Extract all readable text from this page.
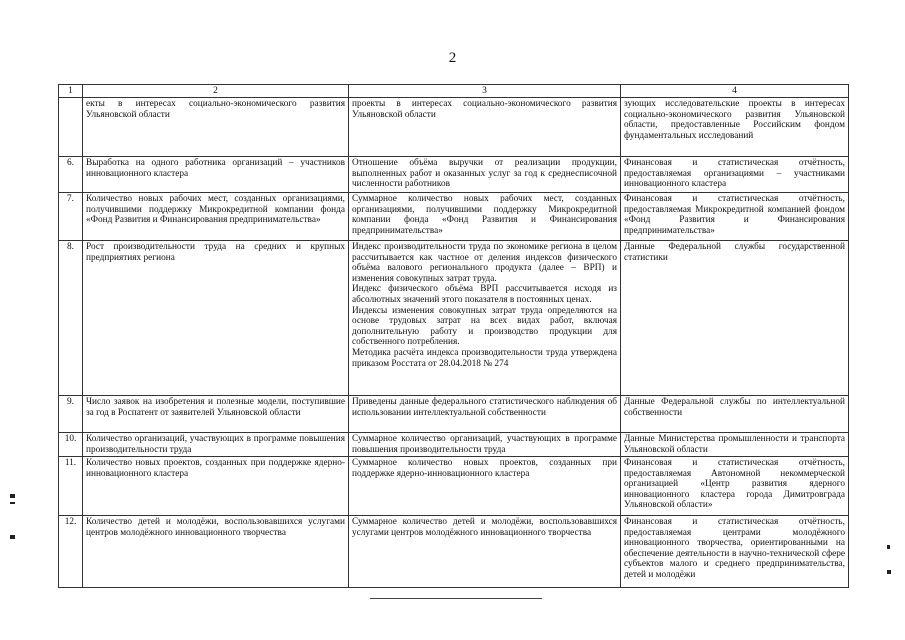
2
1	2	3	4
	екты в интересах социально-экономического развития Ульяновской области	проекты в интересах социально-экономического развития Ульяновской области	зующих исследовательские проекты в интересах социально-экономического развития Ульяновской области, предоставленные Российским фондом фундаментальных исследований
6.	Выработка на одного работника организаций – участников инновационного кластера	Отношение объёма выручки от реализации продукции, выполненных работ и оказанных услуг за год к среднесписочной численности работников	Финансовая и статистическая отчётность, предоставляемая организациями – участниками инновационного кластера
7.	Количество новых рабочих мест, созданных организациями, получившими поддержку Микрокредитной компании фонда «Фонд Развития и Финансирования предпринимательства»	Суммарное количество новых рабочих мест, созданных организациями, получившими поддержку Микрокредитной компании фонда «Фонд Развития и Финансирования предпринимательства»	Финансовая и статистическая отчётность, предоставляемая Микрокредитной компанией фондом «Фонд Развития и Финансирования предпринимательства»
8.	Рост производительности труда на средних и крупных предприятиях региона	Индекс производительности труда по экономике региона в целом рассчитывается как частное от деления индексов физического объёма валового регионального продукта (далее – ВРП) и изменения совокупных затрат труда.
Индекс физического объёма ВРП рассчитывается исходя из абсолютных значений этого показателя в постоянных ценах.
Индексы изменения совокупных затрат труда определяются на основе трудовых затрат на всех видах работ, включая дополнительную работу и производство продукции для собственного потребления.
Методика расчёта индекса производительности труда утверждена приказом Росстата от 28.04.2018 № 274	Данные Федеральной службы государственной статистики
9.	Число заявок на изобретения и полезные модели, поступившие за год в Роспатент от заявителей Ульяновской области	Приведены данные федерального статистического наблюдения об использовании интеллектуальной собственности	Данные Федеральной службы по интеллектуальной собственности
10.	Количество организаций, участвующих в программе повышения производительности труда	Суммарное количество организаций, участвующих в программе повышения производительности труда	Данные Министерства промышленности и транспорта Ульяновской области
11.	Количество новых проектов, созданных при поддержке ядерно-инновационного кластера	Суммарное количество новых проектов, созданных при поддержке ядерно-инновационного кластера	Финансовая и статистическая отчётность, предоставляемая Автономной некоммерческой организацией «Центр развития ядерного инновационного кластера города Димитровграда Ульяновской области»
12.	Количество детей и молодёжи, воспользовавшихся услугами центров молодёжного инновационного творчества	Суммарное количество детей и молодёжи, воспользовавшихся услугами центров молодёжного инновационного творчества	Финансовая и статистическая отчётность, предоставляемая центрами молодёжного инновационного творчества, ориентированными на обеспечение деятельности в научно-технической сфере субъектов малого и среднего предпринимательства, детей и молодёжи
